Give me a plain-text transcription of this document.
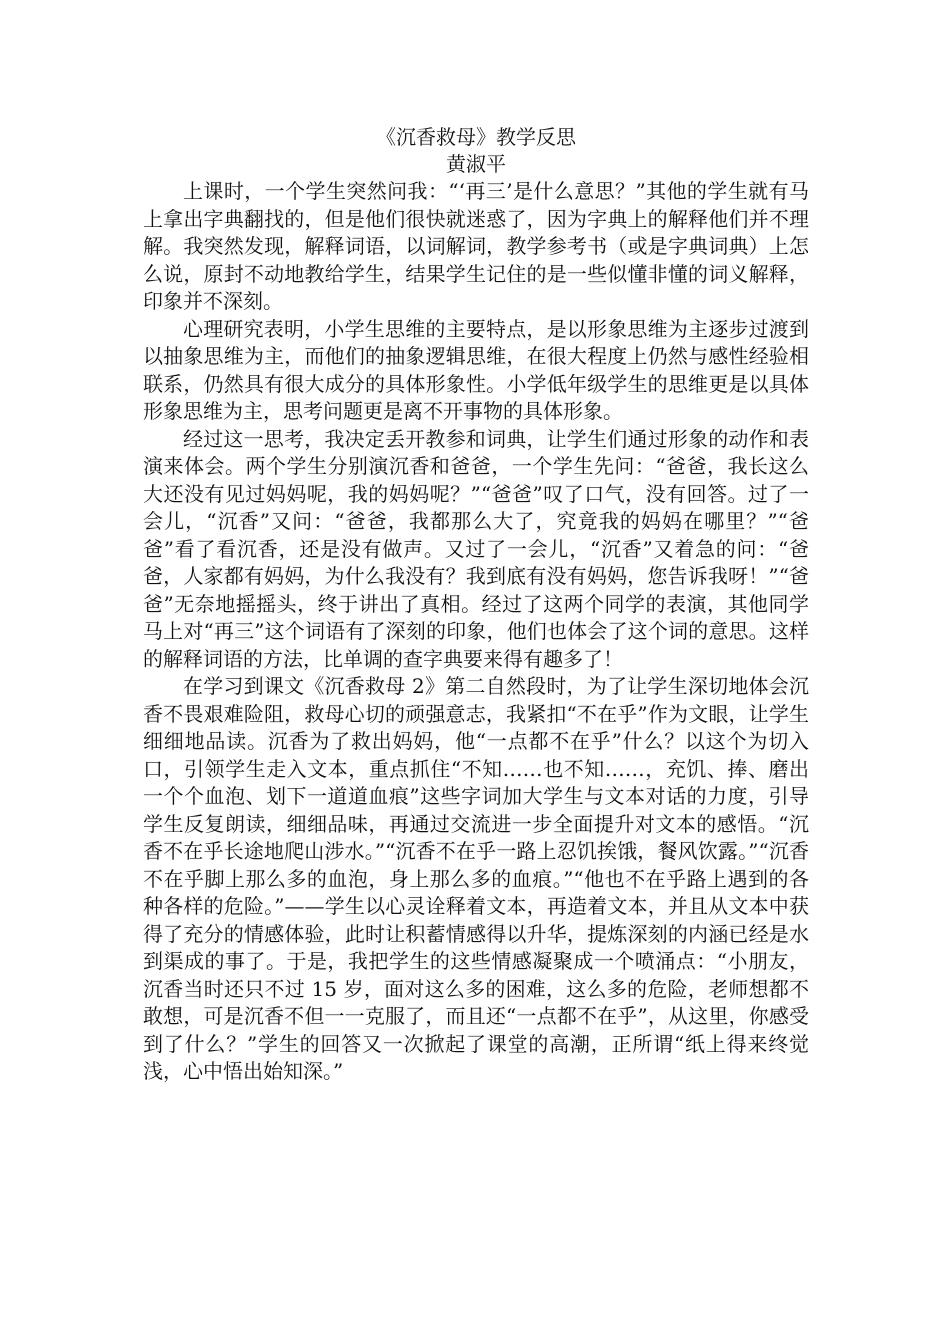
《沉香救母》教学反思
黄淑平

上课时，一个学生突然问我：“‘再三’是什么意思？”其他的学生就有马上拿出字典翻找的，但是他们很快就迷惑了，因为字典上的解释他们并不理解。我突然发现，解释词语，以词解词，教学参考书（或是字典词典）上怎么说，原封不动地教给学生，结果学生记住的是一些似懂非懂的词义解释，印象并不深刻。

心理研究表明，小学生思维的主要特点，是以形象思维为主逐步过渡到以抽象思维为主，而他们的抽象逻辑思维，在很大程度上仍然与感性经验相联系，仍然具有很大成分的具体形象性。小学低年级学生的思维更是以具体形象思维为主，思考问题更是离不开事物的具体形象。

经过这一思考，我决定丢开教参和词典，让学生们通过形象的动作和表演来体会。两个学生分别演沉香和爸爸，一个学生先问：“爸爸，我长这么大还没有见过妈妈呢，我的妈妈呢？”“爸爸”叹了口气，没有回答。过了一会儿，“沉香”又问：“爸爸，我都那么大了，究竟我的妈妈在哪里？”“爸爸”看了看沉香，还是没有做声。又过了一会儿，“沉香”又着急的问：“爸爸，人家都有妈妈，为什么我没有？我到底有没有妈妈，您告诉我呀！”“爸爸”无奈地摇摇头，终于讲出了真相。经过了这两个同学的表演，其他同学马上对“再三”这个词语有了深刻的印象，他们也体会了这个词的意思。这样的解释词语的方法，比单调的查字典要来得有趣多了！

在学习到课文《沉香救母 2》第二自然段时，为了让学生深切地体会沉香不畏艰难险阻，救母心切的顽强意志，我紧扣“不在乎”作为文眼，让学生细细地品读。沉香为了救出妈妈，他“一点都不在乎”什么？以这个为切入口，引领学生走入文本，重点抓住“不知……也不知……，充饥、捧、磨出一个个血泡、划下一道道血痕”这些字词加大学生与文本对话的力度，引导学生反复朗读，细细品味，再通过交流进一步全面提升对文本的感悟。“沉香不在乎长途地爬山涉水。”“沉香不在乎一路上忍饥挨饿，餐风饮露。”“沉香不在乎脚上那么多的血泡，身上那么多的血痕。”“他也不在乎路上遇到的各种各样的危险。”——学生以心灵诠释着文本，再造着文本，并且从文本中获得了充分的情感体验，此时让积蓄情感得以升华，提炼深刻的内涵已经是水到渠成的事了。于是，我把学生的这些情感凝聚成一个喷涌点：“小朋友，沉香当时还只不过 15 岁，面对这么多的困难，这么多的危险，老师想都不敢想，可是沉香不但一一克服了，而且还“一点都不在乎”，从这里，你感受到了什么？”学生的回答又一次掀起了课堂的高潮，正所谓“纸上得来终觉浅，心中悟出始知深。”
